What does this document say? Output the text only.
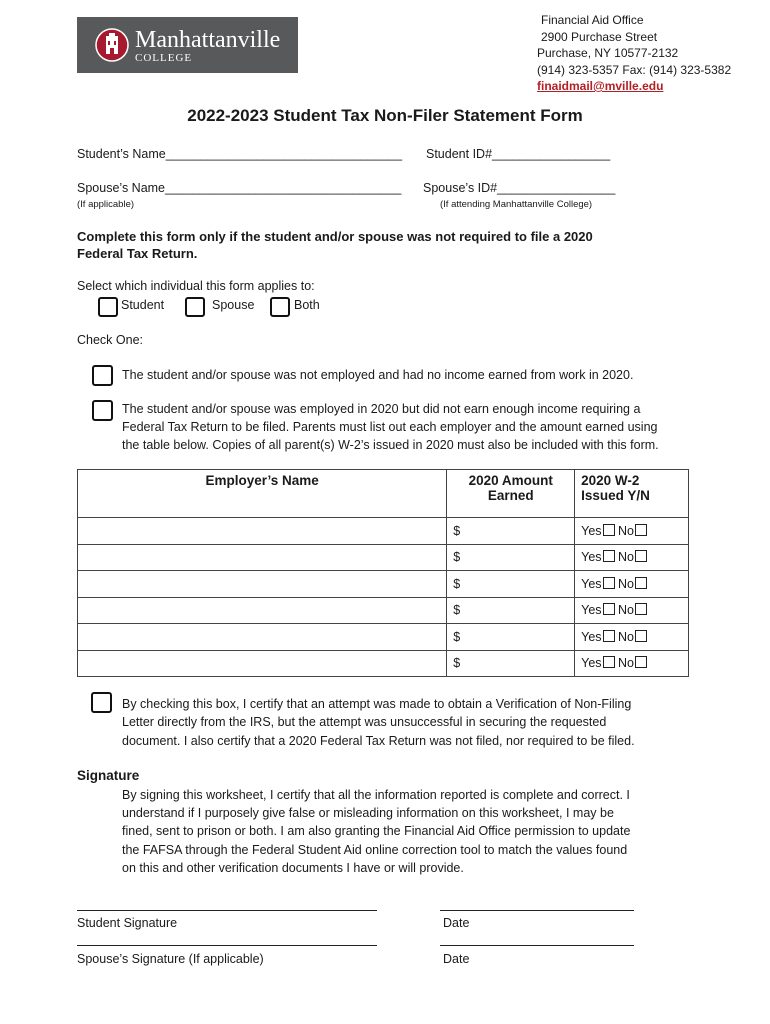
Manhattanville
COLLEGE
Financial Aid Office
2900 Purchase Street
Purchase, NY 10577-2132
(914) 323-5357 Fax: (914) 323-5382
finaidmail@mville.edu
2022-2023 Student Tax Non-Filer Statement Form
Student’s Name__________________________________ Student ID#_________________
Spouse’s Name__________________________________ Spouse’s ID#_________________
(If applicable)	(If attending Manhattanville College)
Complete this form only if the student and/or spouse was not required to file a 2020
Federal Tax Return.
Select which individual this form applies to:
Student	Spouse	Both
Check One:
The student and/or spouse was not employed and had no income earned from work in 2020.
The student and/or spouse was employed in 2020 but did not earn enough income requiring a
Federal Tax Return to be filed. Parents must list out each employer and the amount earned using
the table below. Copies of all parent(s) W-2’s issued in 2020 must also be included with this form.
Employer’s Name	2020 Amount Earned	2020 W-2 Issued Y/N
	$	Yes No
	$	Yes No
	$	Yes No
	$	Yes No
	$	Yes No
	$	Yes No
By checking this box, I certify that an attempt was made to obtain a Verification of Non-Filing
Letter directly from the IRS, but the attempt was unsuccessful in securing the requested
document. I also certify that a 2020 Federal Tax Return was not filed, nor required to be filed.
Signature
By signing this worksheet, I certify that all the information reported is complete and correct. I
understand if I purposely give false or misleading information on this worksheet, I may be
fined, sent to prison or both. I am also granting the Financial Aid Office permission to update
the FAFSA through the Federal Student Aid online correction tool to match the values found
on this and other verification documents I have or will provide.
Student Signature	Date
Spouse’s Signature (If applicable)	Date
